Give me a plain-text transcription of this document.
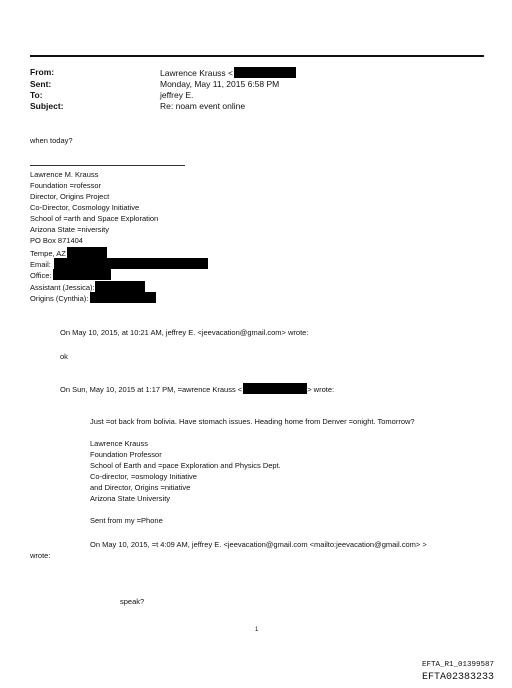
From:	Lawrence Krauss <
Sent:	Monday, May 11, 2015 6:58 PM
To:	jeffrey E.
Subject:	Re: noam event online
when today?
Lawrence M. Krauss
Foundation =rofessor
Director, Origins Project
Co-Director, Cosmology Initiative
School of =arth and Space Exploration
Arizona State =niversity
PO Box 871404
Tempe, AZ
Email:
Office:
Assistant (Jessica):
Origins (Cynthia):
On May 10, 2015, at 10:21 AM, jeffrey E. <jeevacation@gmail.com> wrote:
ok
On Sun, May 10, 2015 at 1:17 PM, =awrence Krauss <	> wrote:
Just =ot back from bolivia. Have stomach issues. Heading home from Denver =onight. Tomorrow?
Lawrence Krauss
Foundation Professor
School of Earth and =pace Exploration and Physics Dept.
Co-director, =osmology Initiative
and Director, Origins =nitiative
Arizona State University
Sent from my =Phone
On May 10, 2015, =t 4:09 AM, jeffrey E. <jeevacation@gmail.com <mailto:jeevacation@gmail.com> >
wrote:
speak?
1
EFTA_R1_01399587
EFTA02383233
